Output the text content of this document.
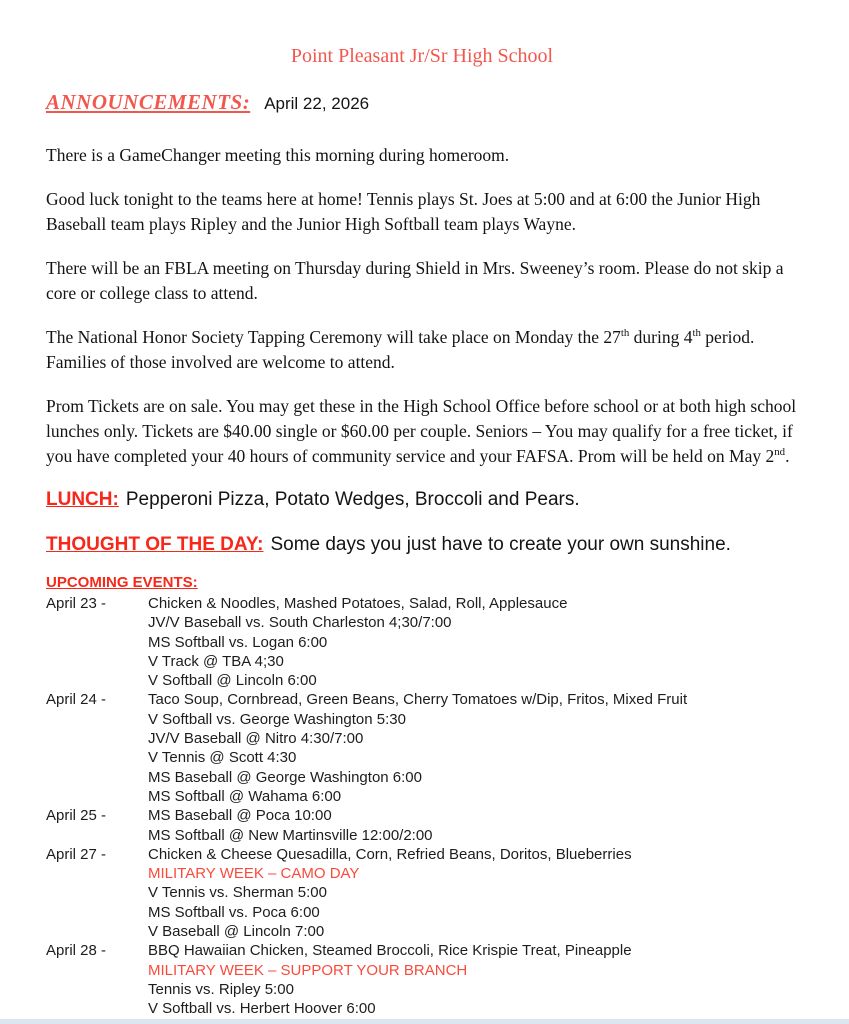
Point Pleasant Jr/Sr High School
ANNOUNCEMENTS: April 22, 2026

There is a GameChanger meeting this morning during homeroom.

Good luck tonight to the teams here at home! Tennis plays St. Joes at 5:00 and at 6:00 the Junior High Baseball team plays Ripley and the Junior High Softball team plays Wayne.

There will be an FBLA meeting on Thursday during Shield in Mrs. Sweeney’s room. Please do not skip a core or college class to attend.

The National Honor Society Tapping Ceremony will take place on Monday the 27th during 4th period. Families of those involved are welcome to attend.

Prom Tickets are on sale. You may get these in the High School Office before school or at both high school lunches only. Tickets are $40.00 single or $60.00 per couple. Seniors – You may qualify for a free ticket, if you have completed your 40 hours of community service and your FAFSA. Prom will be held on May 2nd.

LUNCH: Pepperoni Pizza, Potato Wedges, Broccoli and Pears.
THOUGHT OF THE DAY: Some days you just have to create your own sunshine.
UPCOMING EVENTS:
April 23 -	Chicken & Noodles, Mashed Potatoes, Salad, Roll, Applesauce
JV/V Baseball vs. South Charleston 4;30/7:00
MS Softball vs. Logan 6:00
V Track @ TBA 4;30
V Softball @ Lincoln 6:00
April 24 -	Taco Soup, Cornbread, Green Beans, Cherry Tomatoes w/Dip, Fritos, Mixed Fruit
V Softball vs. George Washington 5:30
JV/V Baseball @ Nitro 4:30/7:00
V Tennis @ Scott 4:30
MS Baseball @ George Washington 6:00
MS Softball @ Wahama 6:00
April 25 -	MS Baseball @ Poca 10:00
MS Softball @ New Martinsville 12:00/2:00
April 27 -	Chicken & Cheese Quesadilla, Corn, Refried Beans, Doritos, Blueberries
MILITARY WEEK – CAMO DAY
V Tennis vs. Sherman 5:00
MS Softball vs. Poca 6:00
V Baseball @ Lincoln 7:00
April 28 -	BBQ Hawaiian Chicken, Steamed Broccoli, Rice Krispie Treat, Pineapple
MILITARY WEEK – SUPPORT YOUR BRANCH
Tennis vs. Ripley 5:00
V Softball vs. Herbert Hoover 6:00
